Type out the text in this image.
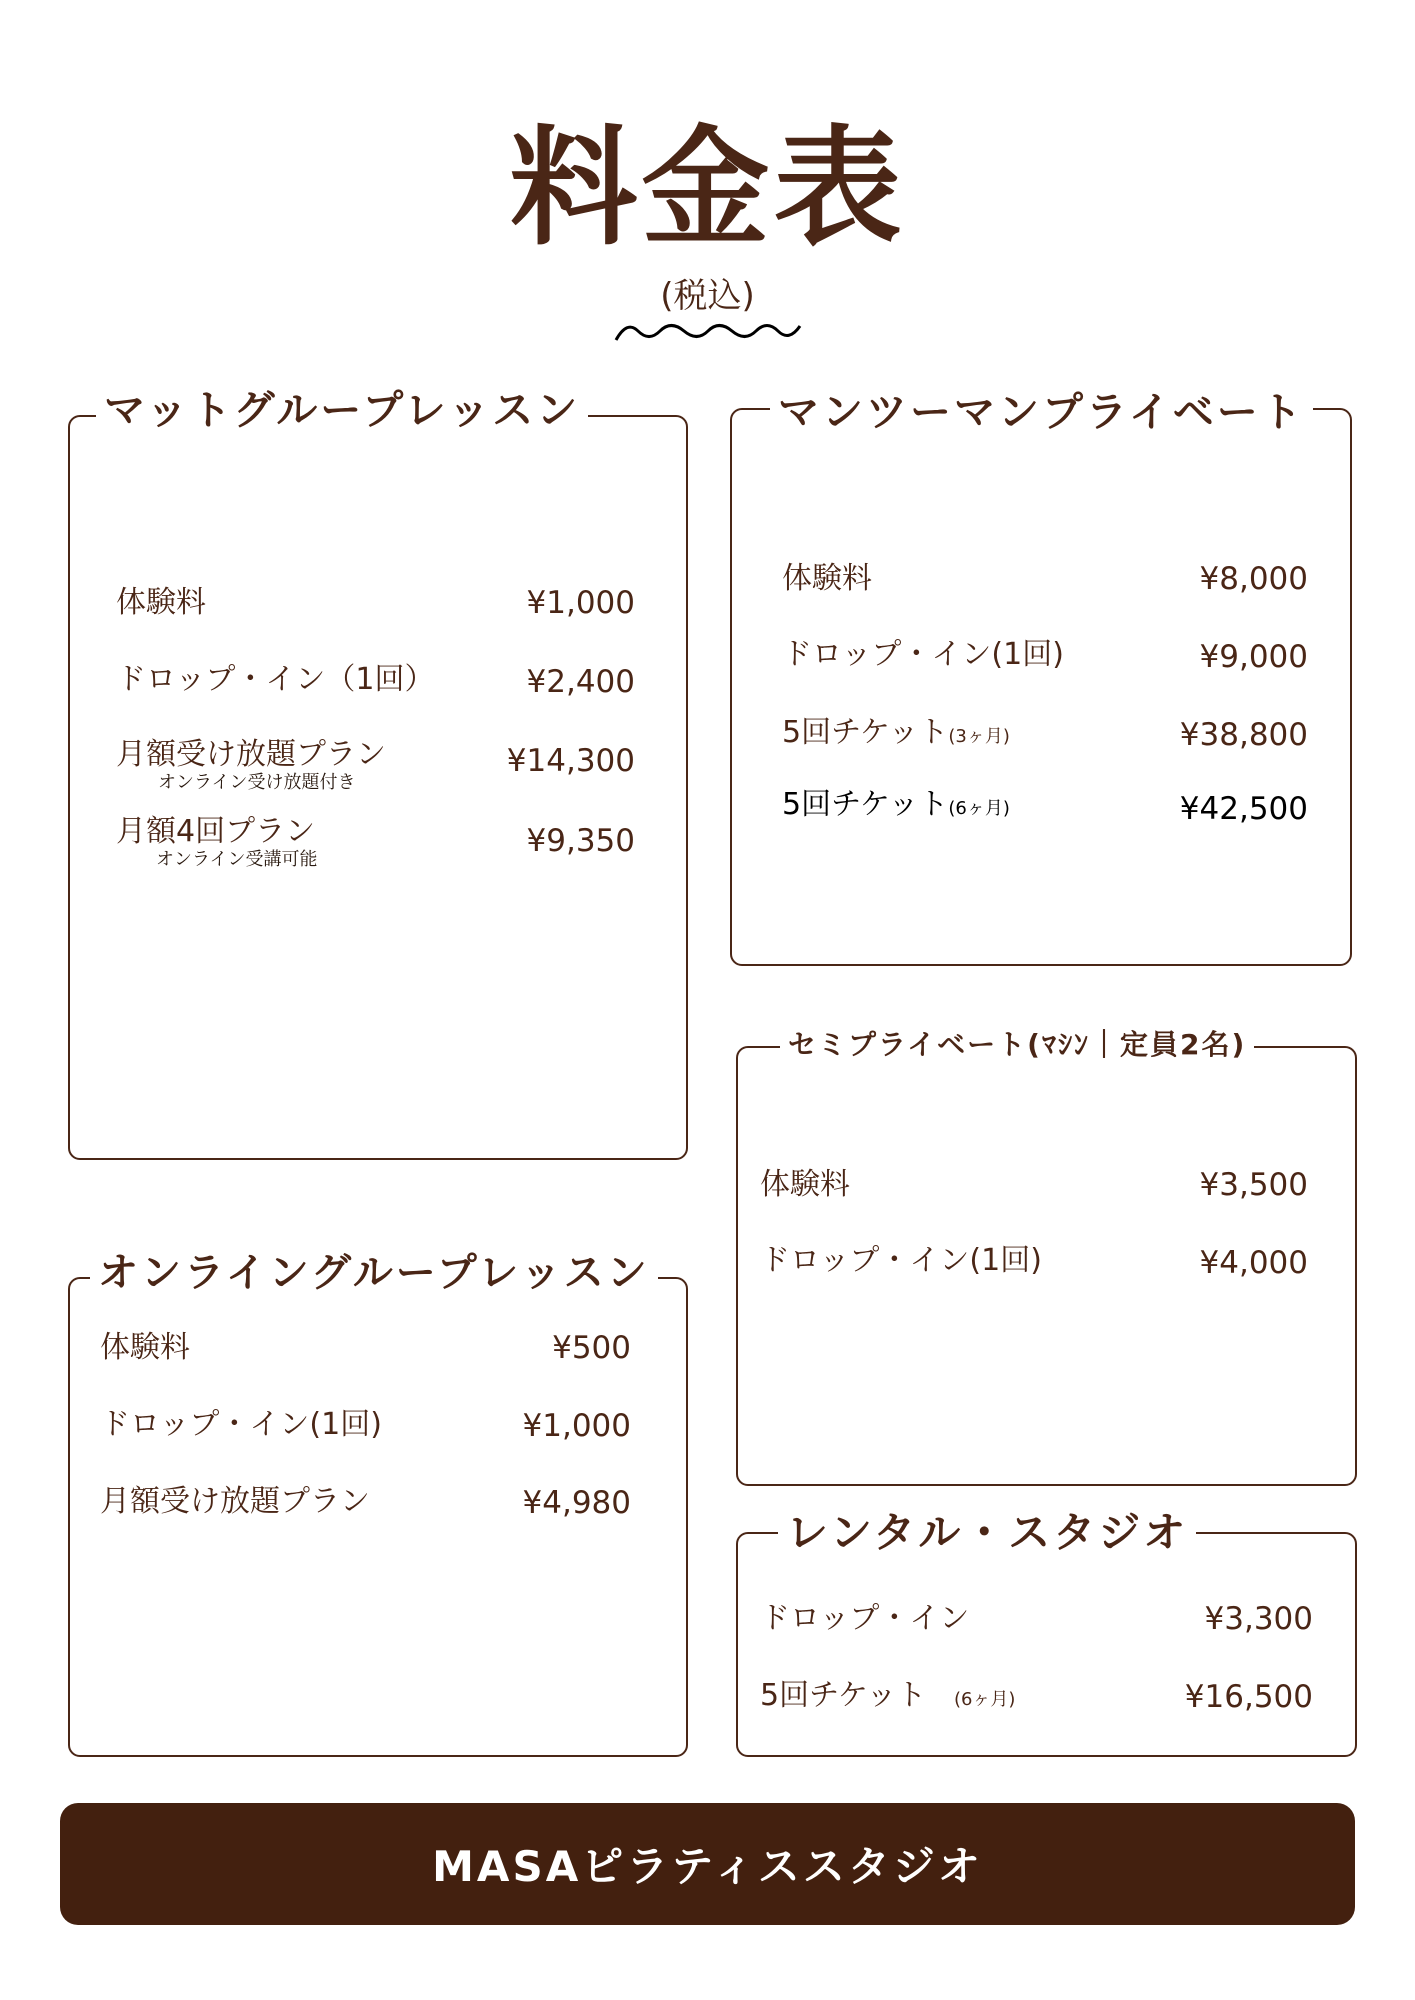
料金表
(税込)
マットグループレッスン
体験料	¥1,000
ドロップ・イン（1回）	¥2,400
月額受け放題プラン
オンライン受け放題付き
¥14,300
月額4回プラン
オンライン受講可能
¥9,350
マンツーマンプライベート
体験料	¥8,000
ドロップ・イン(1回)	¥9,000
5回チケット(3ヶ月)	¥38,800
5回チケット(6ヶ月)	¥42,500
セミプライベート(ﾏｼﾝ｜定員2名)
体験料	¥3,500
ドロップ・イン(1回)	¥4,000
オンライングループレッスン
体験料	¥500
ドロップ・イン(1回)	¥1,000
月額受け放題プラン	¥4,980
レンタル・スタジオ
ドロップ・イン	¥3,300
5回チケット (6ヶ月)	¥16,500
MASAピラティススタジオ
